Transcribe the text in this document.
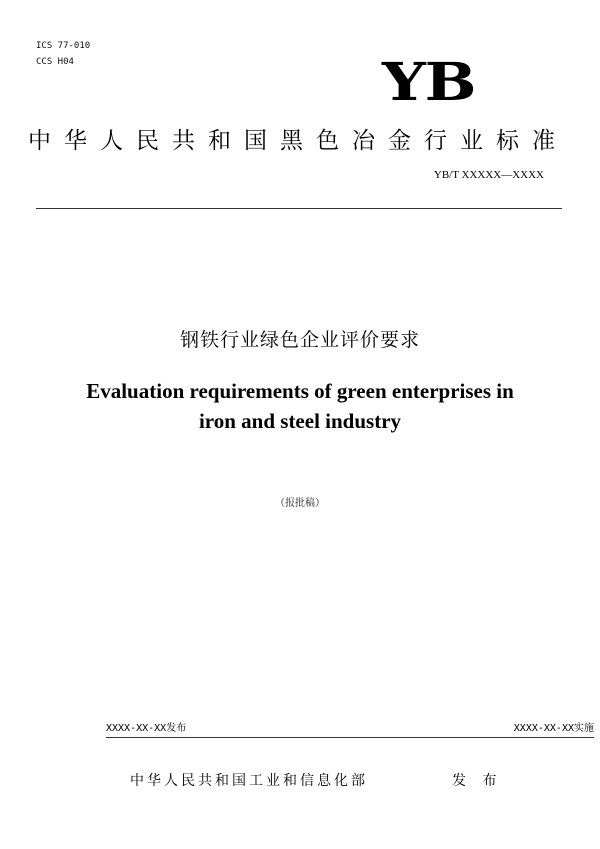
ICS 77-010
CCS H04	YB
中华人民共和国黑色冶金行业标准
YB/T XXXXX—XXXX
钢铁行业绿色企业评价要求
Evaluation requirements of green enterprises in
iron and steel industry
（报批稿）
XXXX-XX-XX发布	XXXX-XX-XX实施
中华人民共和国工业和信息化部	发 布
